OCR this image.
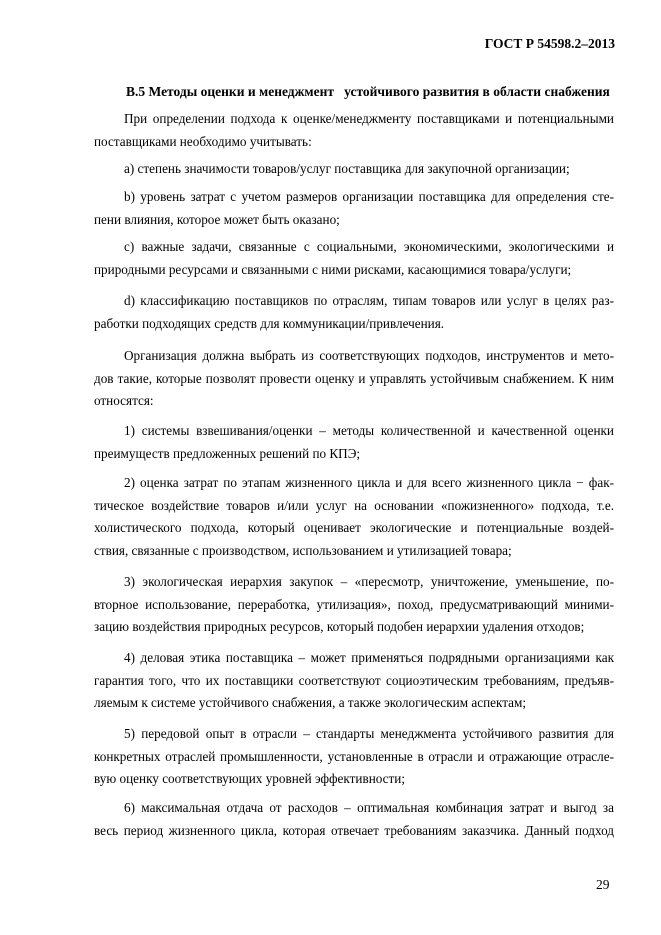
ГОСТ Р 54598.2–2013
В.5 Методы оценки и менеджмент   устойчивого развития в области снабжения
При определении подхода к оценке/менеджменту поставщиками и потенциальными
поставщиками необходимо учитывать:
а) степень значимости товаров/услуг поставщика для закупочной организации;
b) уровень затрат с учетом размеров организации поставщика для определения сте-
пени влияния, которое может быть оказано;
с) важные задачи, связанные с социальными, экономическими, экологическими и
природными ресурсами и связанными с ними рисками, касающимися товара/услуги;
d) классификацию поставщиков по отраслям, типам товаров или услуг в целях раз-
работки подходящих средств для коммуникации/привлечения.
Организация должна выбрать из соответствующих подходов, инструментов и мето-
дов такие, которые позволят провести оценку и управлять устойчивым снабжением. К ним
относятся:
1) системы взвешивания/оценки – методы количественной и качественной оценки
преимуществ предложенных решений по КПЭ;
2) оценка затрат по этапам жизненного цикла и для всего жизненного цикла − фак-
тическое воздействие товаров и/или услуг на основании «пожизненного» подхода, т.е.
холистического подхода, который оценивает экологические и потенциальные воздей-
ствия, связанные с производством, использованием и утилизацией товара;
3) экологическая иерархия закупок – «пересмотр, уничтожение, уменьшение, по-
вторное использование, переработка, утилизация», поход, предусматривающий миними-
зацию воздействия природных ресурсов, который подобен иерархии удаления отходов;
4) деловая этика поставщика – может применяться подрядными организациями как
гарантия того, что их поставщики соответствуют социоэтическим требованиям, предъяв-
ляемым к системе устойчивого снабжения, а также экологическим аспектам;
5) передовой опыт в отрасли – стандарты менеджмента устойчивого развития для
конкретных отраслей промышленности, установленные в отрасли и отражающие отрасле-
вую оценку соответствующих уровней эффективности;
6) максимальная отдача от расходов – оптимальная комбинация затрат и выгод за
весь период жизненного цикла, которая отвечает требованиям заказчика. Данный подход
29
